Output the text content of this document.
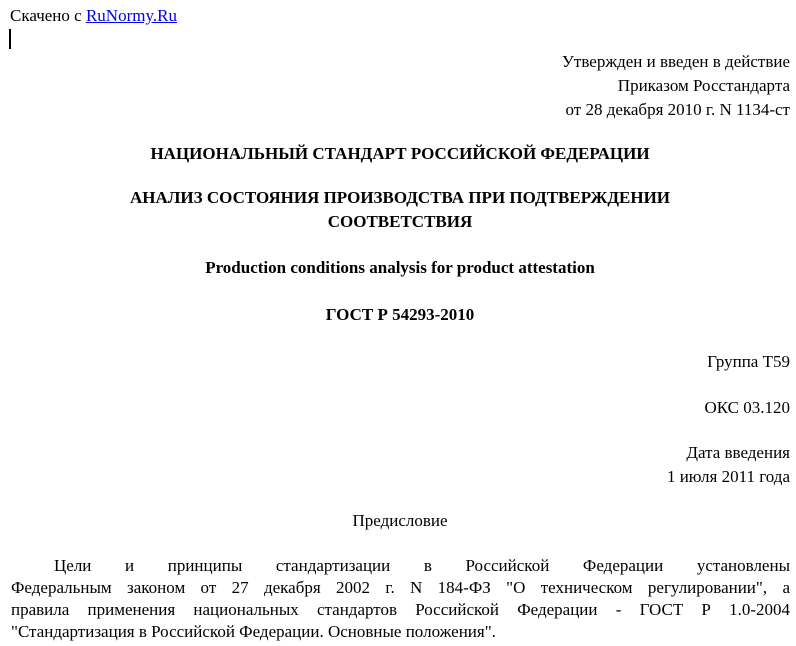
Скачено с RuNormy.Ru
Утвержден и введен в действие
Приказом Росстандарта
от 28 декабря 2010 г. N 1134-ст
НАЦИОНАЛЬНЫЙ СТАНДАРТ РОССИЙСКОЙ ФЕДЕРАЦИИ
АНАЛИЗ СОСТОЯНИЯ ПРОИЗВОДСТВА ПРИ ПОДТВЕРЖДЕНИИ
СООТВЕТСТВИЯ
Production conditions analysis for product attestation
ГОСТ Р 54293-2010
Группа Т59
ОКС 03.120
Дата введения
1 июля 2011 года
Предисловие
Цели и принципы стандартизации в Российской Федерации установлены
Федеральным законом от 27 декабря 2002 г. N 184-ФЗ "О техническом регулировании", а
правила применения национальных стандартов Российской Федерации - ГОСТ Р 1.0-2004
"Стандартизация в Российской Федерации. Основные положения".
